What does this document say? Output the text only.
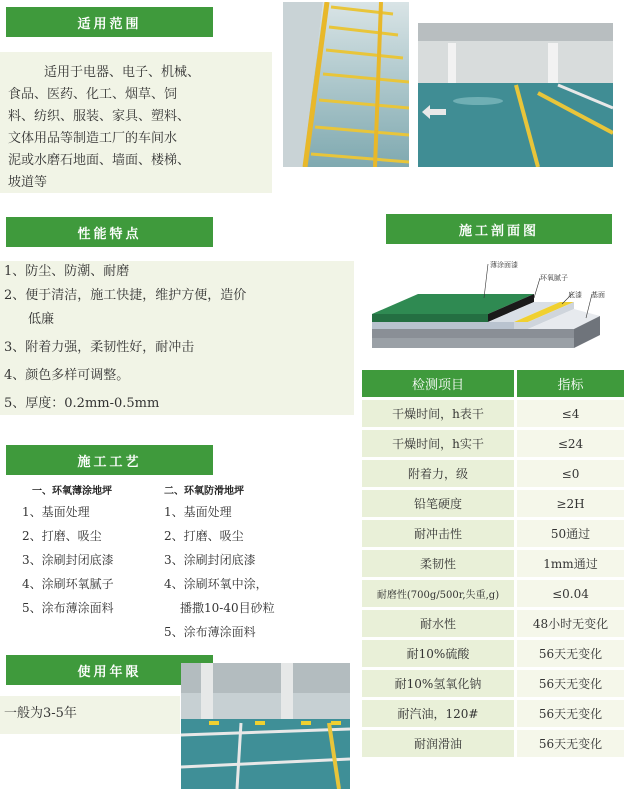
适用范围
适用于电器、电子、机械、
食品、医药、化工、烟草、饲
料、纺织、服装、家具、塑料、
文体用品等制造工厂的车间水
泥或水磨石地面、墙面、楼梯、
坡道等
性能特点
1、防尘、防潮、耐磨
2、便于清洁，施工快捷，维护方便，造价
低廉
3、附着力强，柔韧性好，耐冲击
4、颜色多样可调整。
5、厚度：0.2mm-0.5mm
施工剖面图
薄涂面漆
环氧腻子
底漆 基面
检测项目	指标
干燥时间，h表干	≤4
干燥时间，h实干	≤24
附着力，级	≤0
铅笔硬度	≥2H
耐冲击性	50通过
柔韧性	1mm通过
耐磨性(700g/500r,失重,g)	≤0.04
耐水性	48小时无变化
耐10%硫酸	56天无变化
耐10%氢氧化钠	56天无变化
耐汽油，120#	56天无变化
耐润滑油	56天无变化
施工工艺
一、环氧薄涂地坪	二、环氧防滑地坪
1、基面处理
2、打磨、吸尘
3、涂刷封闭底漆
4、涂刷环氧腻子
5、涂布薄涂面料
1、基面处理
2、打磨、吸尘
3、涂刷封闭底漆
4、涂刷环氧中涂，
播撒10-40目砂粒
5、涂布薄涂面料
使用年限
一般为3-5年
